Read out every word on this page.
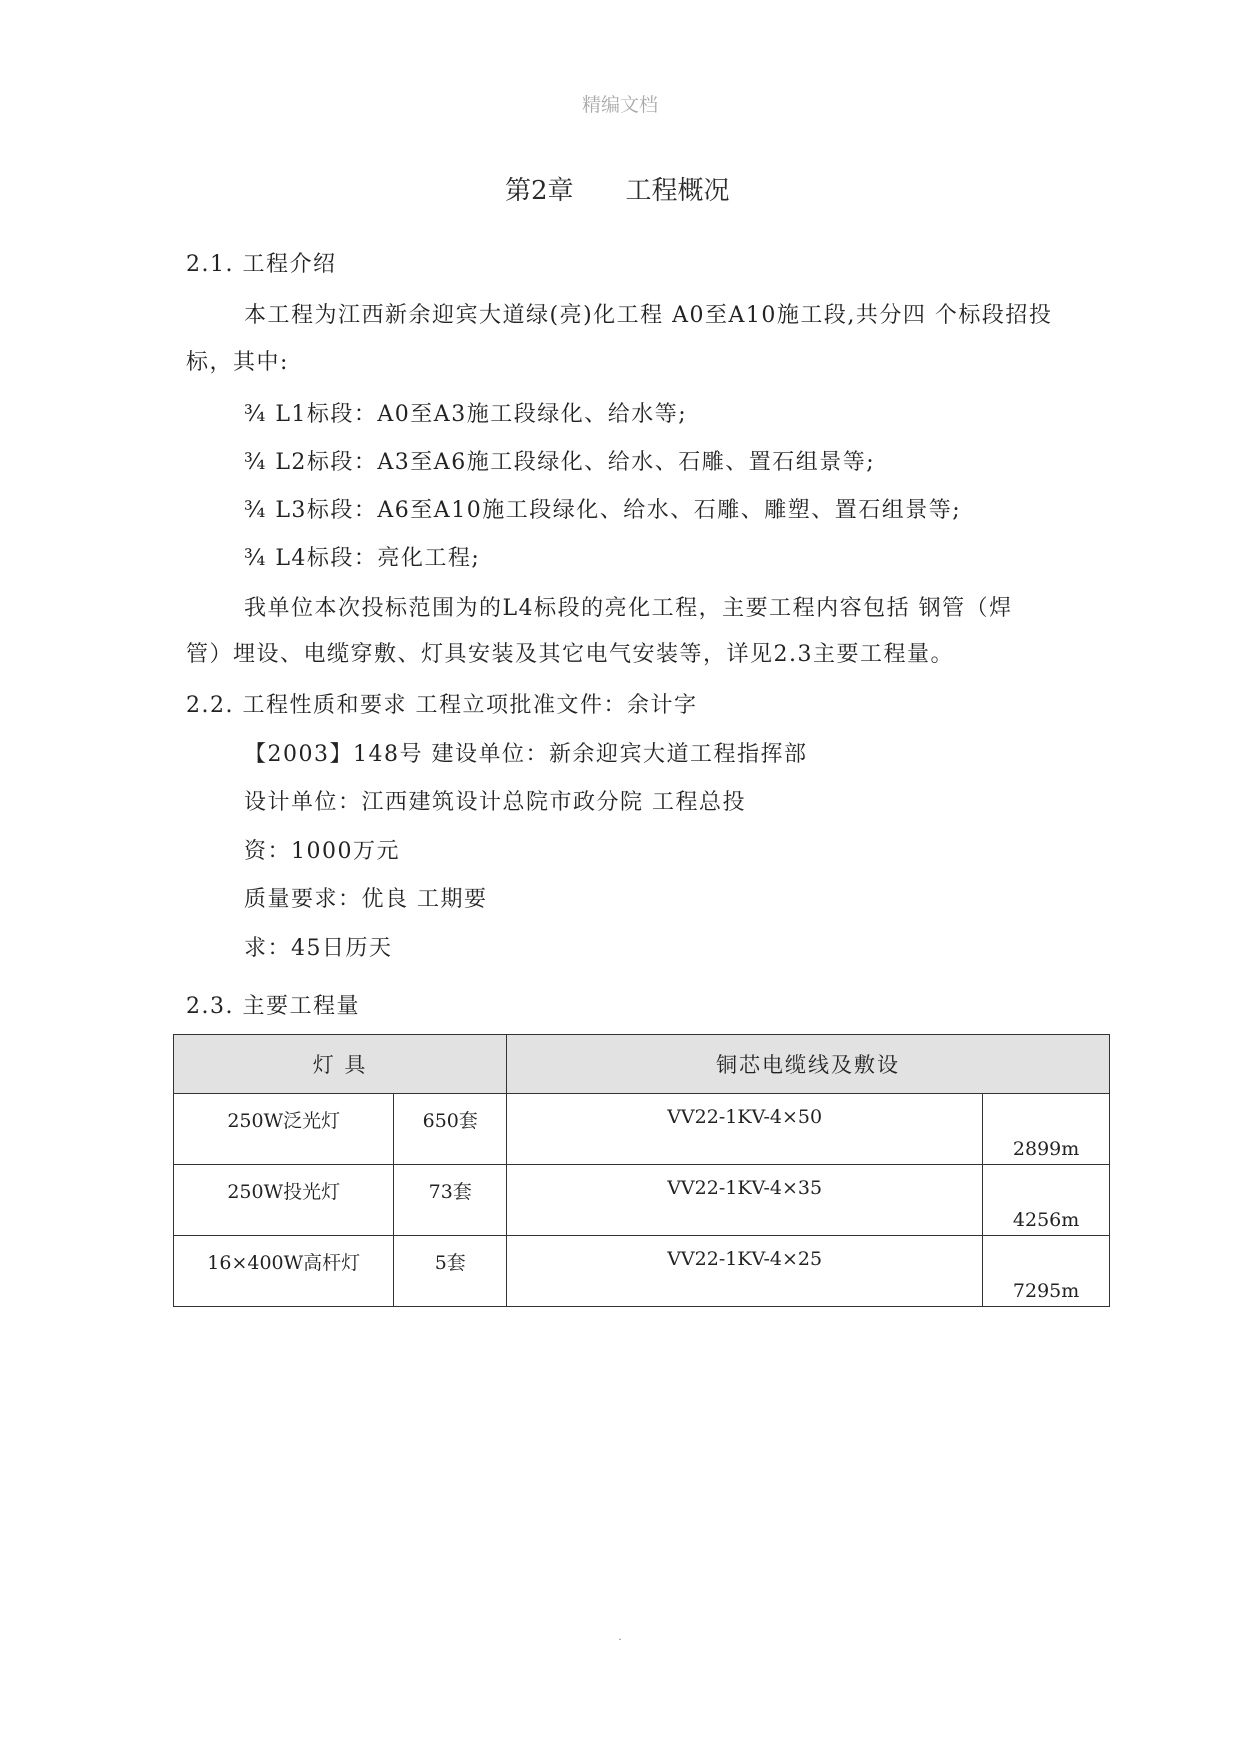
精编文档
第2章 工程概况
2.1. 工程介绍
本工程为江西新余迎宾大道绿(亮)化工程 A0至A10施工段,共分四 个标段招投
标，其中:
¾ L1标段：A0至A3施工段绿化、给水等;
¾ L2标段：A3至A6施工段绿化、给水、石雕、置石组景等;
¾ L3标段：A6至A10施工段绿化、给水、石雕、雕塑、置石组景等;
¾ L4标段：亮化工程;
我单位本次投标范围为的L4标段的亮化工程，主要工程内容包括 钢管（焊
管）埋设、电缆穿敷、灯具安装及其它电气安装等，详见2.3主要工程量。
2.2. 工程性质和要求 工程立项批准文件：余计字
【2003】148号 建设单位：新余迎宾大道工程指挥部
设计单位：江西建筑设计总院市政分院 工程总投
资：1000万元
质量要求：优良 工期要
求：45日历天
2.3. 主要工程量
灯 具		铜芯电缆线及敷设	
250W泛光灯	650套	VV22-1KV-4×50	2899m
250W投光灯	73套	VV22-1KV-4×35	4256m
16×400W高杆灯	5套	VV22-1KV-4×25	7295m
.
